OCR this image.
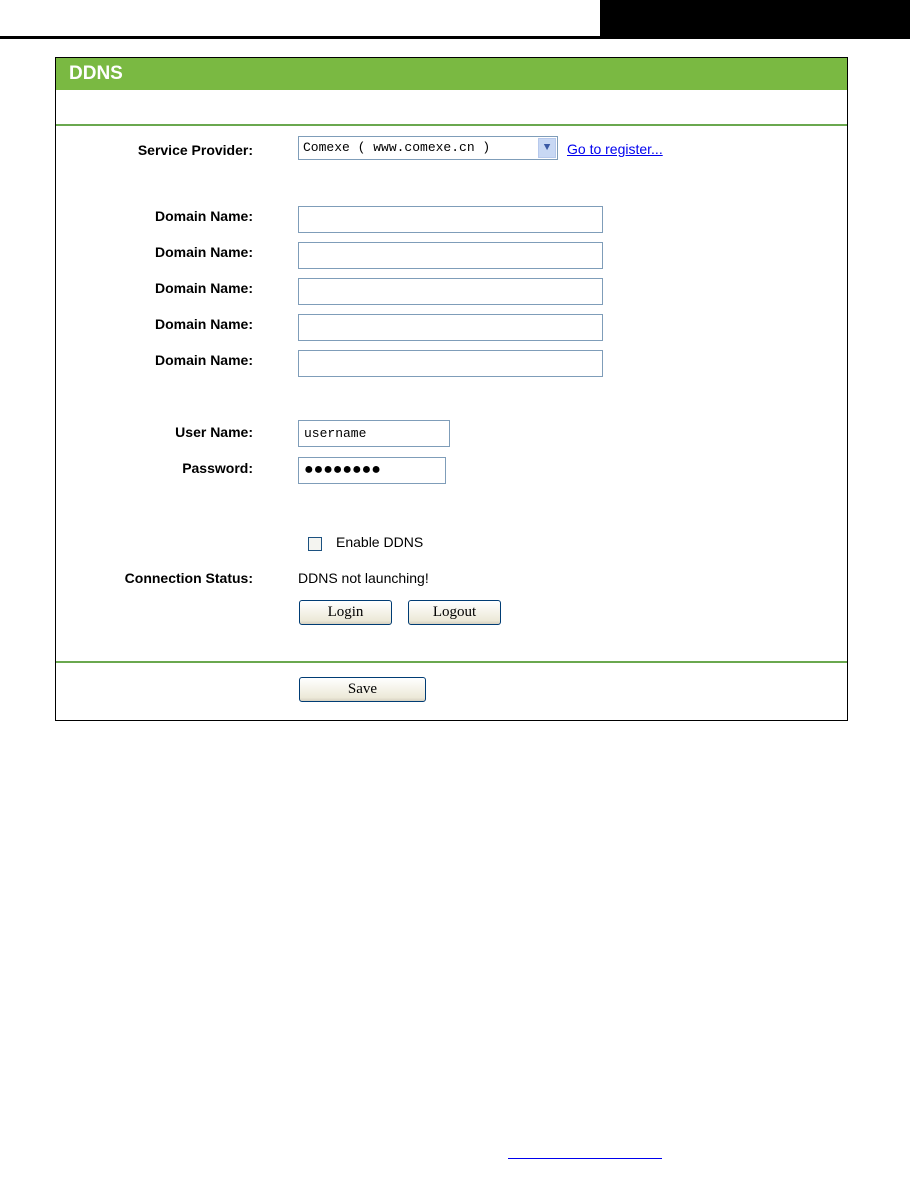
DDNS
Service Provider:	Comexe ( www.comexe.cn )	▼	Go to register...
Domain Name:
Domain Name:
Domain Name:
Domain Name:
Domain Name:
User Name:	username
Password:	●●●●●●●●
Enable DDNS
Connection Status:	DDNS not launching!
Login	Logout
Save
